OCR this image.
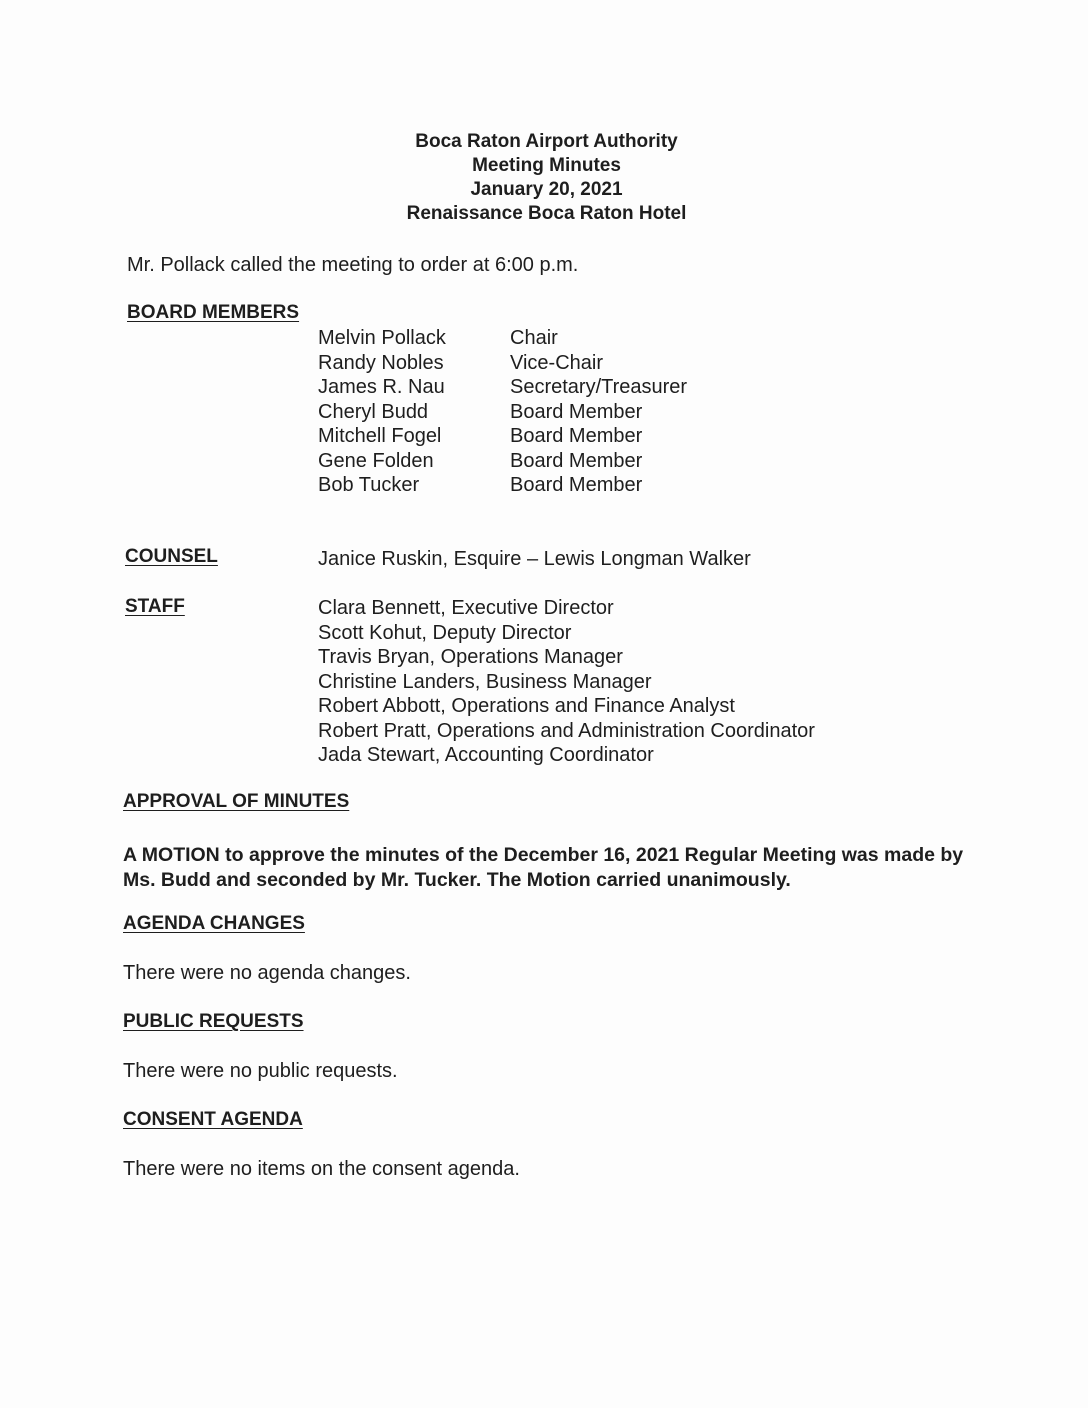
Boca Raton Airport Authority
Meeting Minutes
January 20, 2021
Renaissance Boca Raton Hotel
Mr. Pollack called the meeting to order at 6:00 p.m.
BOARD MEMBERS
Melvin Pollack
Randy Nobles
James R. Nau
Cheryl Budd
Mitchell Fogel
Gene Folden
Bob Tucker
Chair
Vice-Chair
Secretary/Treasurer
Board Member
Board Member
Board Member
Board Member
COUNSEL	Janice Ruskin, Esquire – Lewis Longman Walker
STAFF	Clara Bennett, Executive Director
Scott Kohut, Deputy Director
Travis Bryan, Operations Manager
Christine Landers, Business Manager
Robert Abbott, Operations and Finance Analyst
Robert Pratt, Operations and Administration Coordinator
Jada Stewart, Accounting Coordinator
APPROVAL OF MINUTES
A MOTION to approve the minutes of the December 16, 2021 Regular Meeting was made by Ms. Budd and seconded by Mr. Tucker. The Motion carried unanimously.
AGENDA CHANGES
There were no agenda changes.
PUBLIC REQUESTS
There were no public requests.
CONSENT AGENDA
There were no items on the consent agenda.
